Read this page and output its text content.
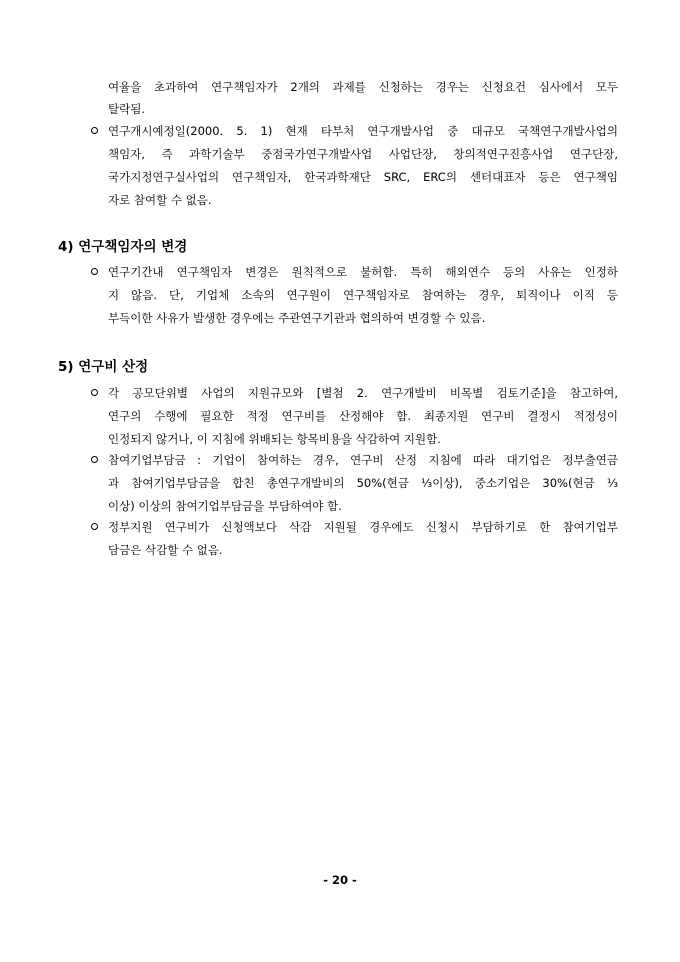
여율을 초과하여 연구책임자가 2개의 과제를 신청하는 경우는 신청요건 심사에서 모두
탈락됨.
연구개시예정일(2000. 5. 1) 현재 타부처 연구개발사업 중 대규모 국책연구개발사업의
책임자, 즉 과학기술부 중점국가연구개발사업 사업단장, 창의적연구진흥사업 연구단장,
국가지정연구실사업의 연구책임자, 한국과학재단 SRC, ERC의 센터대표자 등은 연구책임
자로 참여할 수 없음.
4) 연구책임자의 변경
연구기간내 연구책임자 변경은 원칙적으로 불허함. 특히 해외연수 등의 사유는 인정하
지 않음. 단, 기업체 소속의 연구원이 연구책임자로 참여하는 경우, 퇴직이나 이직 등
부득이한 사유가 발생한 경우에는 주관연구기관과 협의하여 변경할 수 있음.
5) 연구비 산정
각 공모단위별 사업의 지원규모와 [별첨 2. 연구개발비 비목별 검토기준]을 참고하여,
연구의 수행에 필요한 적정 연구비를 산정해야 함. 최종지원 연구비 결정시 적정성이
인정되지 않거나, 이 지침에 위배되는 항목비용을 삭감하여 지원함.
참여기업부담금 : 기업이 참여하는 경우, 연구비 산정 지침에 따라 대기업은 정부출연금
과 참여기업부담금을 합친 총연구개발비의 50%(현금 ⅓이상), 중소기업은 30%(현금 ⅓
이상) 이상의 참여기업부담금을 부담하여야 함.
정부지원 연구비가 신청액보다 삭감 지원될 경우에도 신청시 부담하기로 한 참여기업부
담금은 삭감할 수 없음.
- 20 -
